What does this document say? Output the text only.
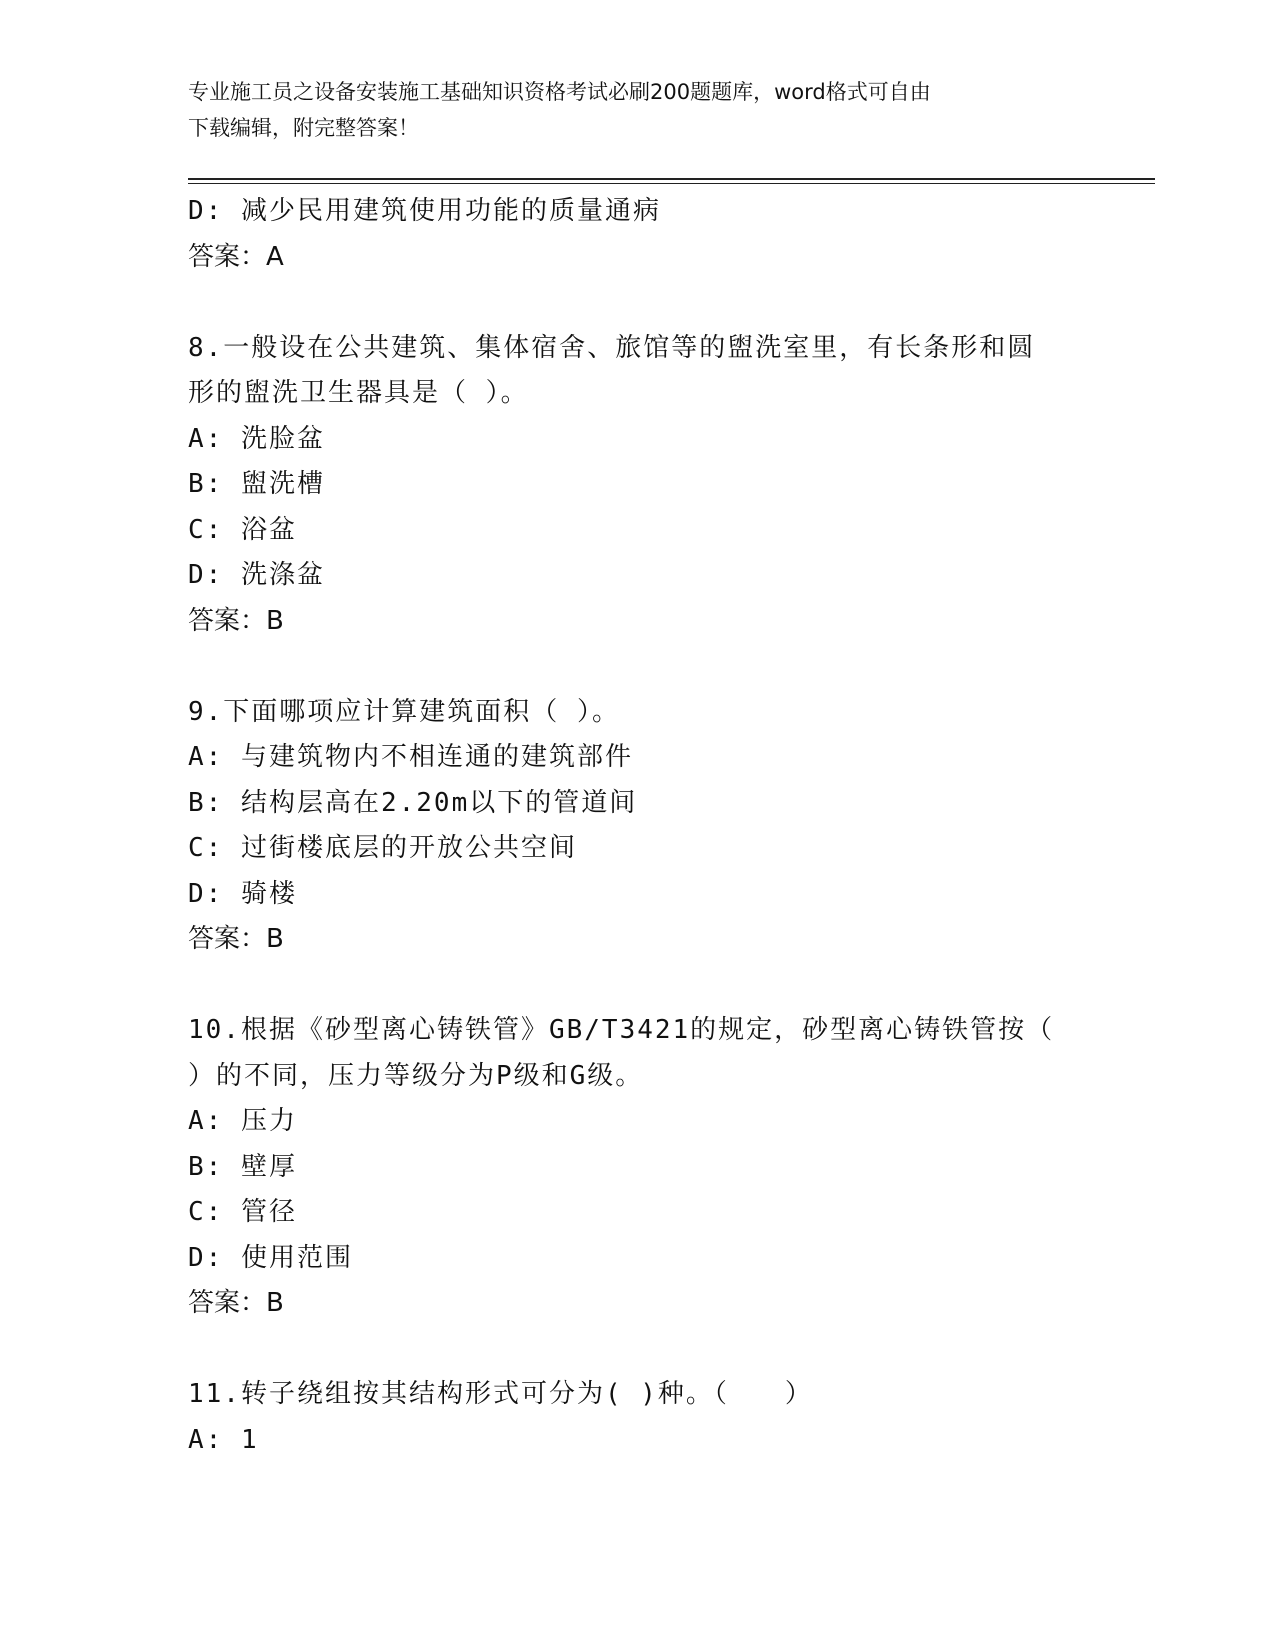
专业施工员之设备安装施工基础知识资格考试必刷200题题库，word格式可自由
下载编辑，附完整答案！
D: 减少民用建筑使用功能的质量通病
答案：A
8.一般设在公共建筑、集体宿舍、旅馆等的盥洗室里，有长条形和圆
形的盥洗卫生器具是（ ）。
A: 洗脸盆
B: 盥洗槽
C: 浴盆
D: 洗涤盆
答案：B
9.下面哪项应计算建筑面积（ ）。
A: 与建筑物内不相连通的建筑部件
B: 结构层高在2.20m以下的管道间
C: 过街楼底层的开放公共空间
D: 骑楼
答案：B
10.根据《砂型离心铸铁管》GB/T3421的规定，砂型离心铸铁管按（
）的不同，压力等级分为P级和G级。
A: 压力
B: 壁厚
C: 管径
D: 使用范围
答案：B
11.转子绕组按其结构形式可分为( )种。（　　）
A: 1
